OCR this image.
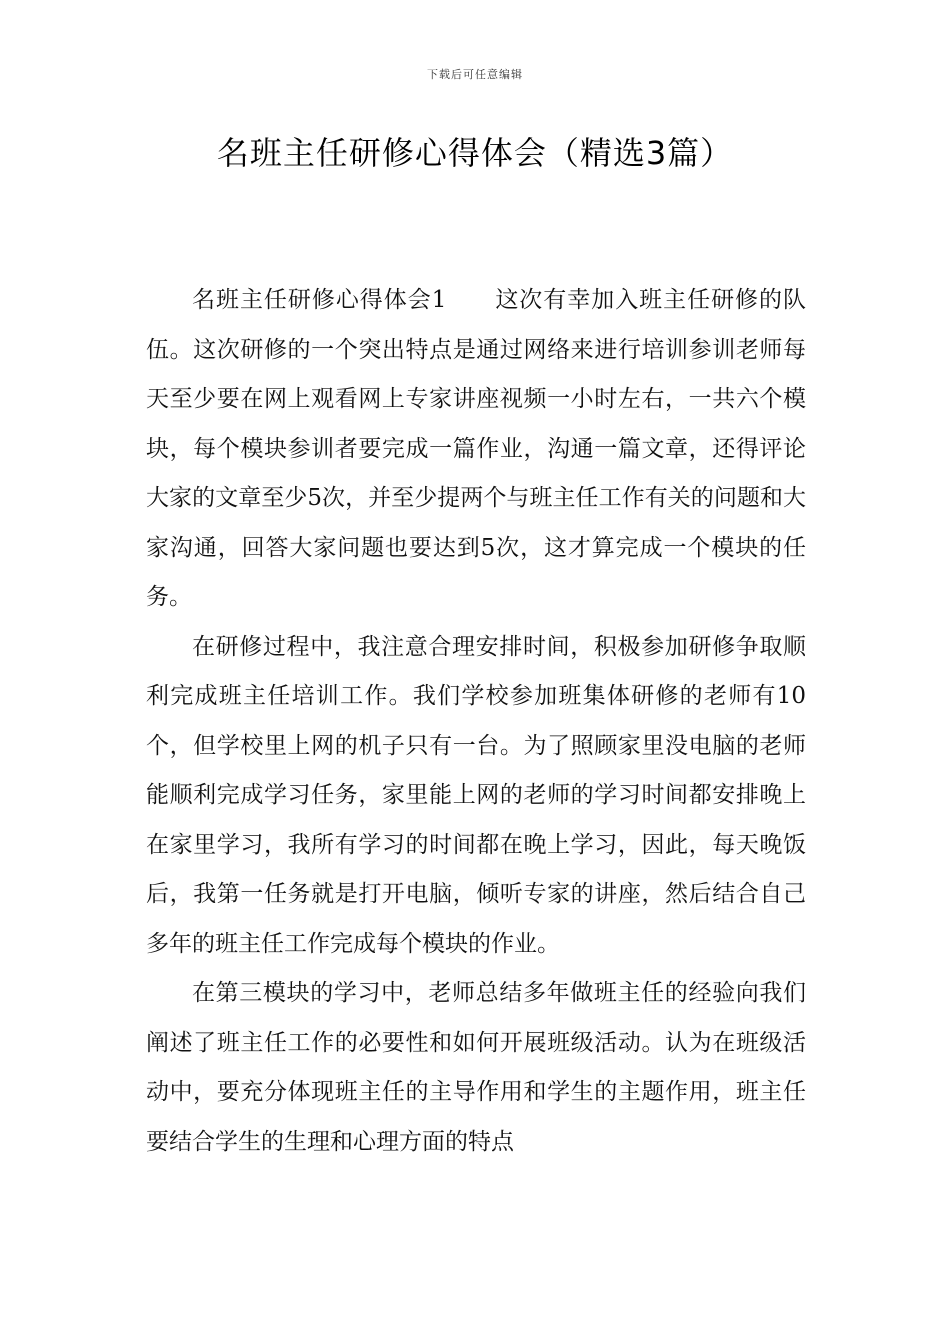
下载后可任意编辑
名班主任研修心得体会（精选3篇）

名班主任研修心得体会1 这次有幸加入班主任研修的队伍。这次研修的一个突出特点是通过网络来进行培训参训老师每天至少要在网上观看网上专家讲座视频一小时左右，一共六个模块，每个模块参训者要完成一篇作业，沟通一篇文章，还得评论大家的文章至少5次，并至少提两个与班主任工作有关的问题和大家沟通，回答大家问题也要达到5次，这才算完成一个模块的任务。

在研修过程中，我注意合理安排时间，积极参加研修争取顺利完成班主任培训工作。我们学校参加班集体研修的老师有10个，但学校里上网的机子只有一台。为了照顾家里没电脑的老师能顺利完成学习任务，家里能上网的老师的学习时间都安排晚上在家里学习，我所有学习的时间都在晚上学习，因此，每天晚饭后，我第一任务就是打开电脑，倾听专家的讲座，然后结合自己多年的班主任工作完成每个模块的作业。

在第三模块的学习中，老师总结多年做班主任的经验向我们阐述了班主任工作的必要性和如何开展班级活动。认为在班级活动中，要充分体现班主任的主导作用和学生的主题作用，班主任要结合学生的生理和心理方面的特点
